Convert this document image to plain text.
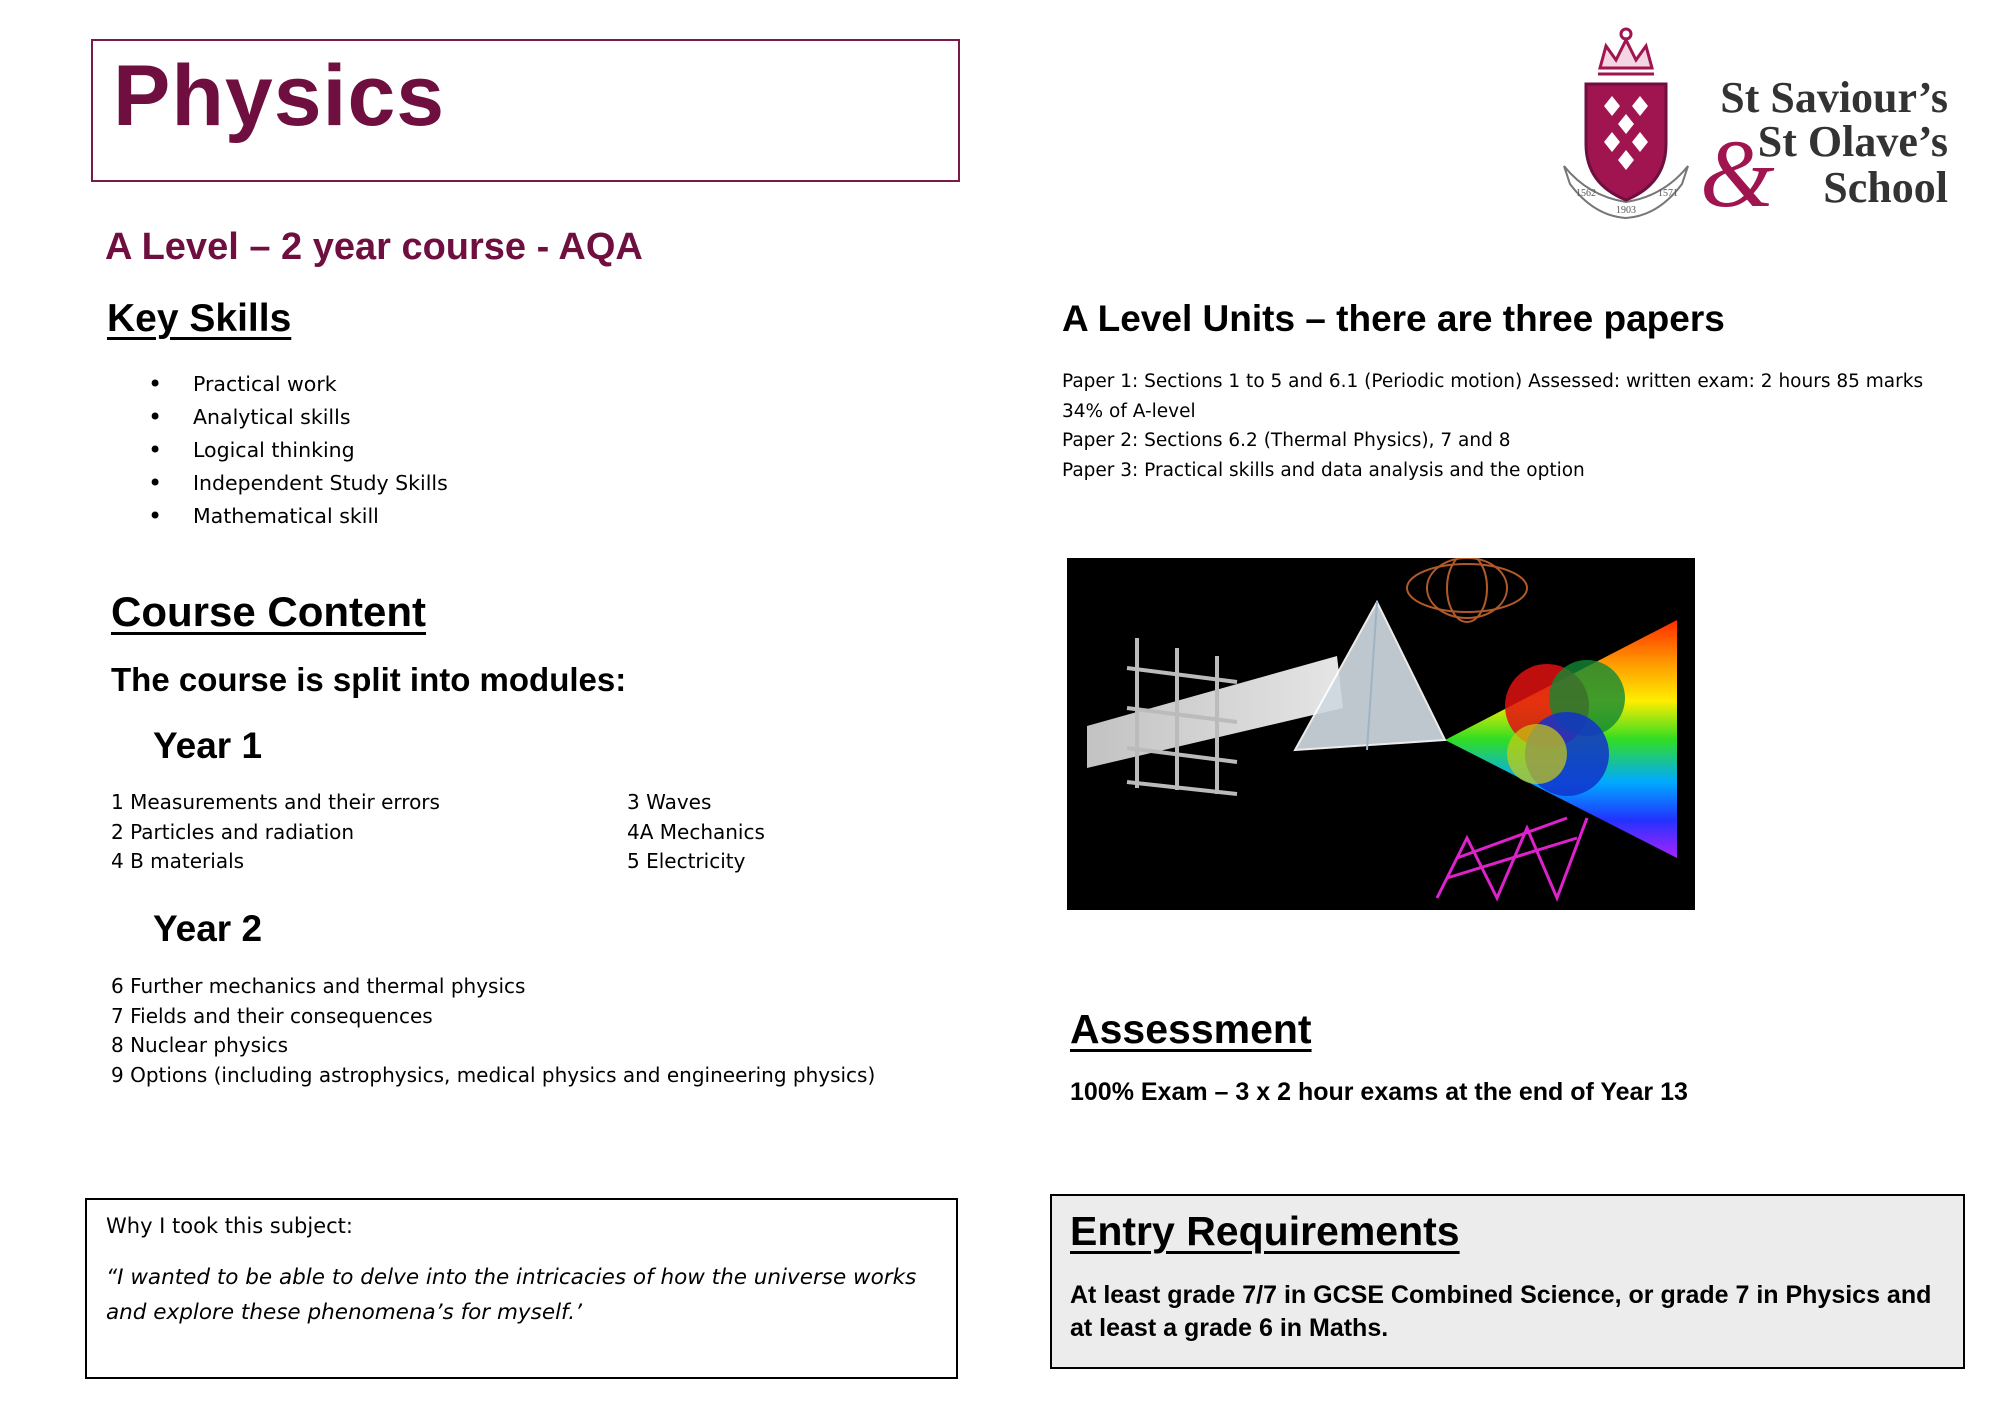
Physics
A Level – 2 year course - AQA
Key Skills
• Practical work
• Analytical skills
• Logical thinking
• Independent Study Skills
• Mathematical skill
Course Content
The course is split into modules:
Year 1
1 Measurements and their errors
2 Particles and radiation
4 B materials
3 Waves
4A Mechanics
5 Electricity
Year 2
6 Further mechanics and thermal physics
7 Fields and their consequences
8 Nuclear physics
9 Options (including astrophysics, medical physics and engineering physics)
Why I took this subject:
“I wanted to be able to delve into the intricacies of how the universe works and explore these phenomena’s for myself.’
1562
1903
1571
St Saviour’s
St Olave’s
School
&
A Level Units – there are three papers
Paper 1: Sections 1 to 5 and 6.1 (Periodic motion) Assessed: written exam: 2 hours 85 marks
34% of A-level
Paper 2: Sections 6.2 (Thermal Physics), 7 and 8
Paper 3: Practical skills and data analysis and the option
Assessment
100% Exam – 3 x 2 hour exams at the end of Year 13
Entry Requirements
At least grade 7/7 in GCSE Combined Science, or grade 7 in Physics and at least a grade 6 in Maths.
